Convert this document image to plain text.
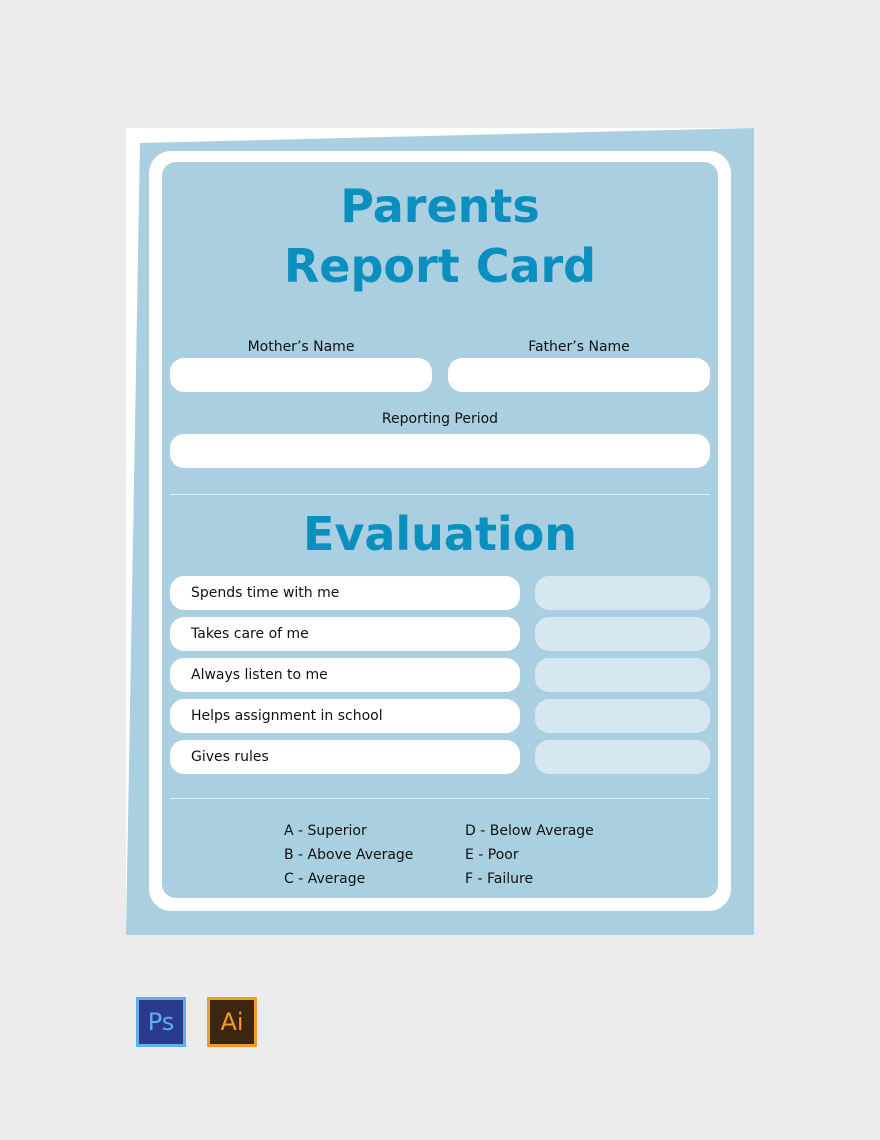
Parents
Report Card
Mother’s Name	Father’s Name
Reporting Period
Evaluation
Spends time with me
Takes care of me
Always listen to me
Helps assignment in school
Gives rules
A - Superior
B - Above Average
C - Average
D - Below Average
E - Poor
F - Failure
Ps	Ai
